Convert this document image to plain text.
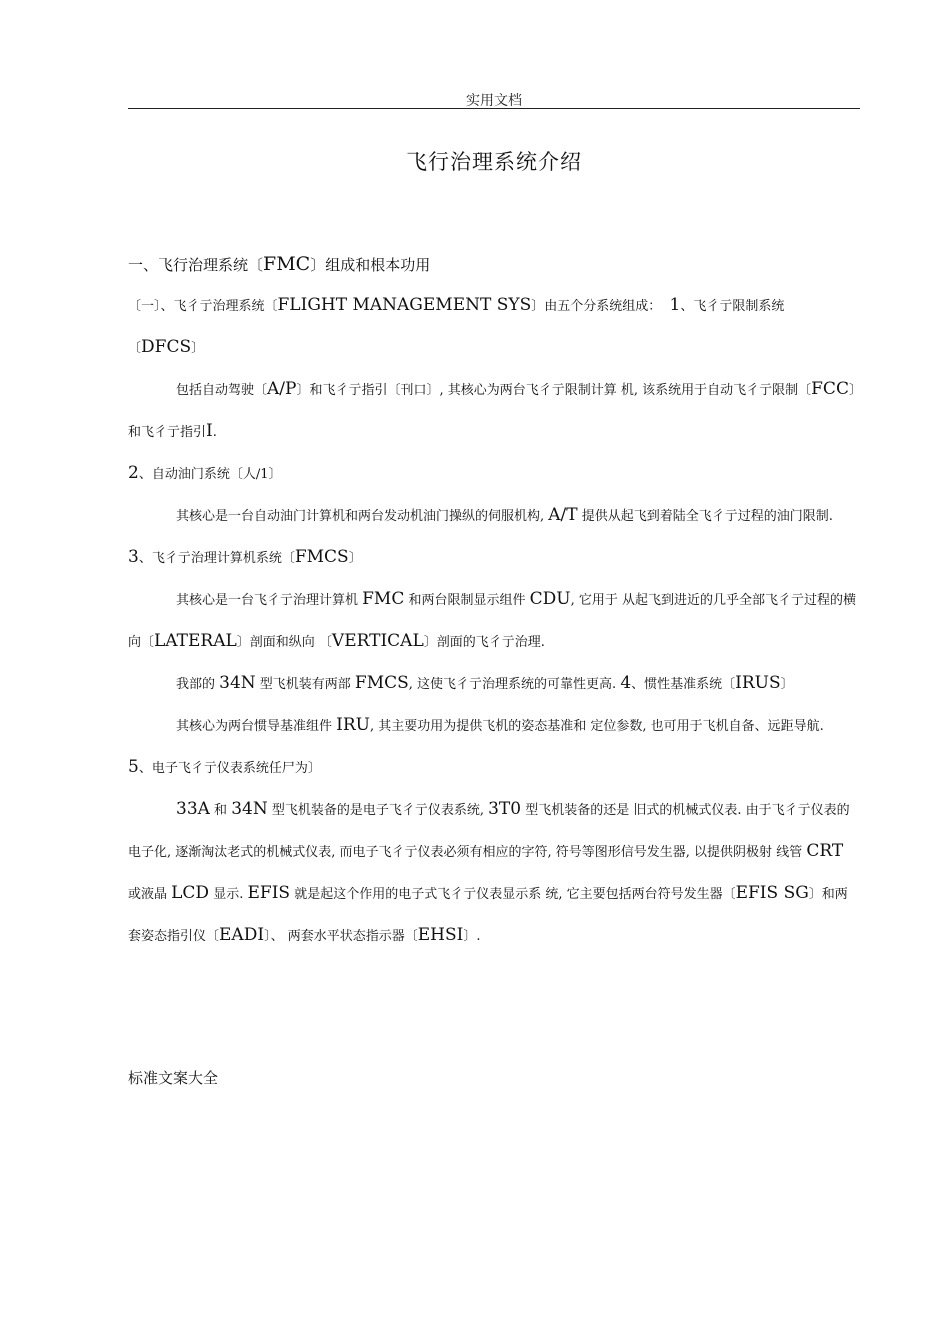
实用文档
飞行治理系统介绍

一、飞行治理系统〔FMC〕组成和根本功用

〔一〕、飞彳亍治理系统〔FLIGHT MANAGEMENT SYS〕由五个分系统组成： 1、飞彳亍限制系统〔DFCS〕

包括自动驾驶〔A/P〕和飞彳亍指引〔刊口〕, 其核心为两台飞彳亍限制计算 机, 该系统用于自动飞彳亍限制〔FCC〕和飞彳亍指引I.

2、自动油门系统〔人/1〕

其核心是一台自动油门计算机和两台发动机油门操纵的伺服机构, A/T 提供从起飞到着陆全飞彳亍过程的油门限制.

3、飞彳亍治理计算机系统〔FMCS〕

其核心是一台飞彳亍治理计算机 FMC 和两台限制显示组件 CDU, 它用于 从起飞到进近的几乎全部飞彳亍过程的横向〔LATERAL〕剖面和纵向 〔VERTICAL〕剖面的飞彳亍治理.

我部的 34N 型飞机装有两部 FMCS, 这使飞彳亍治理系统的可靠性更高. 4、惯性基准系统〔IRUS〕

其核心为两台惯导基准组件 IRU, 其主要功用为提供飞机的姿态基准和 定位参数, 也可用于飞机自备、远距导航.

5、电子飞彳亍仪表系统任尸为〕

33A 和 34N 型飞机装备的是电子飞彳亍仪表系统, 3T0 型飞机装备的还是 旧式的机械式仪表. 由于飞彳亍仪表的电子化, 逐渐淘汰老式的机械式仪表, 而电子飞彳亍仪表必须有相应的字符, 符号等图形信号发生器, 以提供阴极射 线管 CRT 或液晶 LCD 显示. EFIS 就是起这个作用的电子式飞彳亍仪表显示系 统, 它主要包括两台符号发生器〔EFIS SG〕和两套姿态指引仪〔EADI〕、 两套水平状态指示器〔EHSI〕.

标准文案大全
